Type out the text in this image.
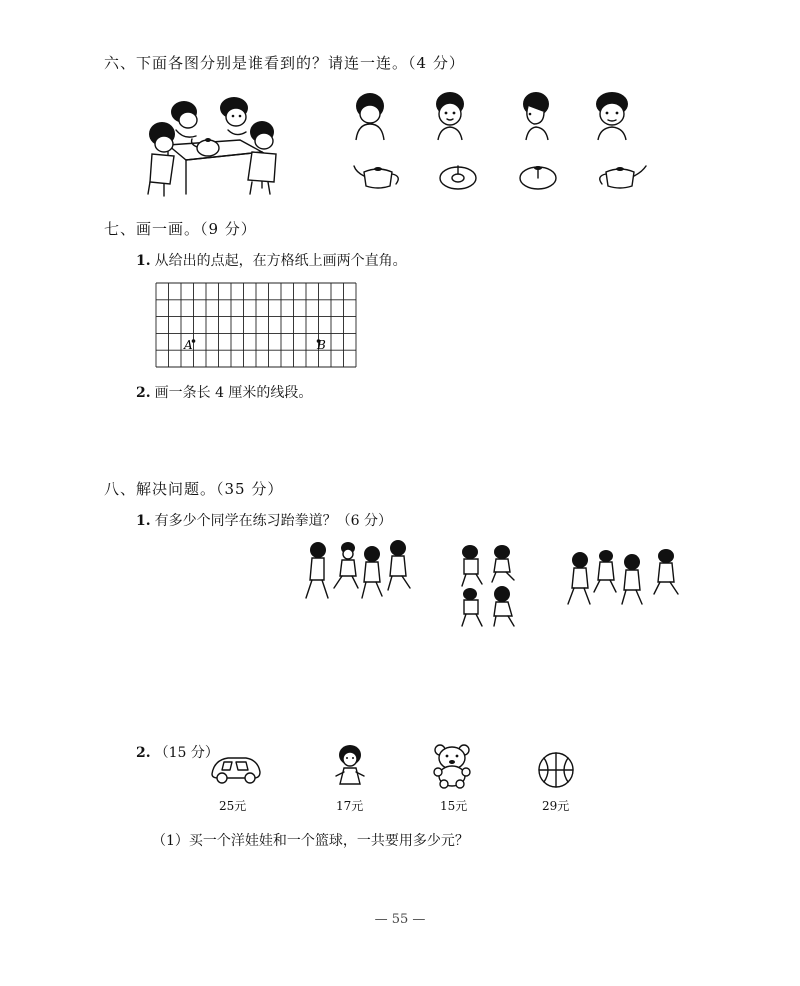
六、下面各图分别是谁看到的？请连一连。（4 分）
七、画一画。（9 分）
1. 从给出的点起，在方格纸上画两个直角。
A	B
2. 画一条长 4 厘米的线段。
八、解决问题。（35 分）
1. 有多少个同学在练习跆拳道？（6 分）
2. （15 分）
25元	17元	15元	29元
（1）买一个洋娃娃和一个篮球，一共要用多少元？
— 55 —
